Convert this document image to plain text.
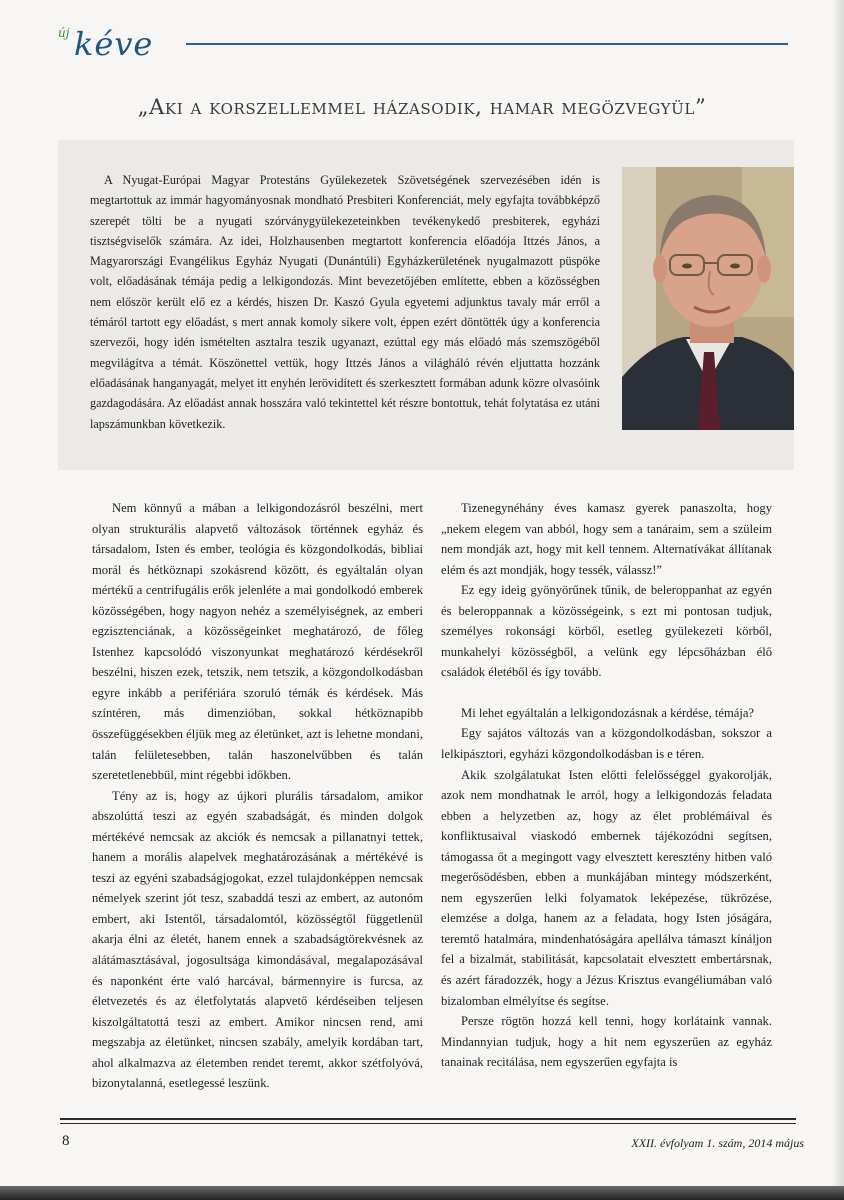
új kéve
„Aki a korszellemmel házasodik, hamar megözvegyül”
A Nyugat-Európai Magyar Protestáns Gyülekezetek Szövetségének szervezésében idén is megtartottuk az immár hagyományosnak mondható Presbiteri Konferenciát, mely egyfajta továbbképző szerepét tölti be a nyugati szórványgyülekezeteinkben tevékenykedő presbiterek, egyházi tisztségviselők számára. Az idei, Holzhausenben megtartott konferencia előadója Ittzés János, a Magyarországi Evangélikus Egyház Nyugati (Dunántúli) Egyházkerületének nyugalmazott püspöke volt, előadásának témája pedig a lelkigondozás. Mint bevezetőjében említette, ebben a közösségben nem először került elő ez a kérdés, hiszen Dr. Kaszó Gyula egyetemi adjunktus tavaly már erről a témáról tartott egy előadást, s mert annak komoly sikere volt, éppen ezért döntötték úgy a konferencia szervezői, hogy idén ismételten asztalra teszik ugyanazt, ezúttal egy más előadó más szemszögéből megvilágítva a témát. Köszönettel vettük, hogy Ittzés János a világháló révén eljuttatta hozzánk előadásának hanganyagát, melyet itt enyhén lerövidített és szerkesztett formában adunk közre olvasóink gazdagodására. Az előadást annak hosszára való tekintettel két részre bontottuk, tehát folytatása ez utáni lapszámunkban következik.

Nem könnyű a mában a lelkigondozásról beszélni, mert olyan strukturális alapvető változások történnek egyház és társadalom, Isten és ember, teológia és közgondolkodás, bibliai morál és hétköznapi szokásrend között, és egyáltalán olyan mértékű a centrifugális erők jelenléte a mai gondolkodó emberek közösségében, hogy nagyon nehéz a személyiségnek, az emberi egzisztenciának, a közösségeinket meghatározó, de főleg Istenhez kapcsolódó viszonyunkat meghatározó kérdésekről beszélni, hiszen ezek, tetszik, nem tetszik, a közgondolkodásban egyre inkább a perifériára szoruló témák és kérdések. Más színtéren, más dimenzióban, sokkal hétköznapibb összefüggésekben éljük meg az életünket, azt is lehetne mondani, talán felületesebben, talán haszonelvűbben és talán szeretetlenebbül, mint régebbi időkben.

Tény az is, hogy az újkori plurális társadalom, amikor abszolúttá teszi az egyén szabadságát, és minden dolgok mértékévé nemcsak az akciók és nemcsak a pillanatnyi tettek, hanem a morális alapelvek meghatározásának a mértékévé is teszi az egyéni szabadságjogokat, ezzel tulajdonképpen nemcsak némelyek szerint jót tesz, szabaddá teszi az embert, az autonóm embert, aki Istentől, társadalomtól, közösségtől függetlenül akarja élni az életét, hanem ennek a szabadságtörekvésnek az alátámasztásával, jogosultsága kimondásával, megalapozásával és naponként érte való harcával, bármennyire is furcsa, az életvezetés és az életfolytatás alapvető kérdéseiben teljesen kiszolgáltatottá teszi az embert. Amikor nincsen rend, ami megszabja az életünket, nincsen szabály, amelyik kordában tart, ahol alkalmazva az életemben rendet teremt, akkor szétfolyóvá, bizonytalanná, esetlegessé leszünk.

Tizenegynéhány éves kamasz gyerek panaszolta, hogy „nekem elegem van abból, hogy sem a tanáraim, sem a szüleim nem mondják azt, hogy mit kell tennem. Alternatívákat állítanak elém és azt mondják, hogy tessék, válassz!”

Ez egy ideig gyönyörűnek tűnik, de beleroppanhat az egyén és beleroppannak a közösségeink, s ezt mi pontosan tudjuk, személyes rokonsági körből, esetleg gyülekezeti körből, munkahelyi közösségből, a velünk egy lépcsőházban élő családok életéből és így tovább.

Mi lehet egyáltalán a lelkigondozásnak a kérdése, témája?

Egy sajátos változás van a közgondolkodásban, sokszor a lelkipásztori, egyházi közgondolkodásban is e téren.

Akik szolgálatukat Isten előtti felelősséggel gyakorolják, azok nem mondhatnak le arról, hogy a lelkigondozás feladata ebben a helyzetben az, hogy az élet problémáival és konfliktusaival viaskodó embernek tájékozódni segítsen, támogassa őt a megingott vagy elvesztett keresztény hitben való megerősödésben, ebben a munkájában mintegy módszerként, nem egyszerűen lelki folyamatok leképezése, tükrözése, elemzése a dolga, hanem az a feladata, hogy Isten jóságára, teremtő hatalmára, mindenhatóságára apellálva támaszt kínáljon fel a bizalmát, stabilitását, kapcsolatait elvesztett embertársnak, és azért fáradozzék, hogy a Jézus Krisztus evangéliumában való bizalomban elmélyítse és segítse.

Persze rögtön hozzá kell tenni, hogy korlátaink vannak. Mindannyian tudjuk, hogy a hit nem egyszerűen az egyház tanainak recitálása, nem egyszerűen egyfajta is

8	XXII. évfolyam 1. szám, 2014 május
